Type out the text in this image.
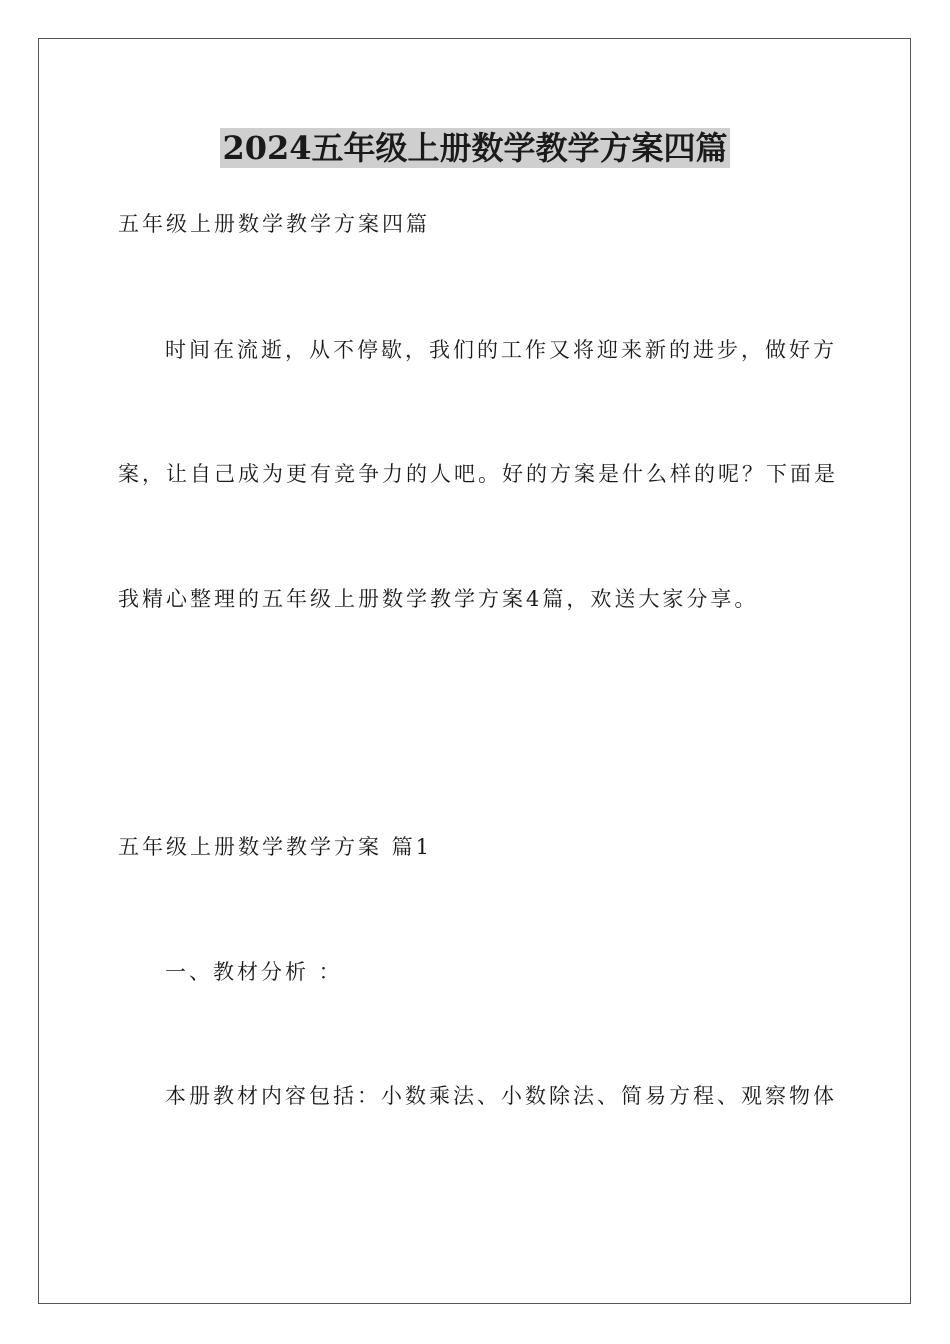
2024五年级上册数学教学方案四篇
五年级上册数学教学方案四篇
时间在流逝，从不停歇，我们的工作又将迎来新的进步，做好方
案，让自己成为更有竞争力的人吧。好的方案是什么样的呢？下面是
我精心整理的五年级上册数学教学方案4篇，欢送大家分享。
五年级上册数学教学方案 篇1
一、教材分析 ：
本册教材内容包括：小数乘法、小数除法、简易方程、观察物体
